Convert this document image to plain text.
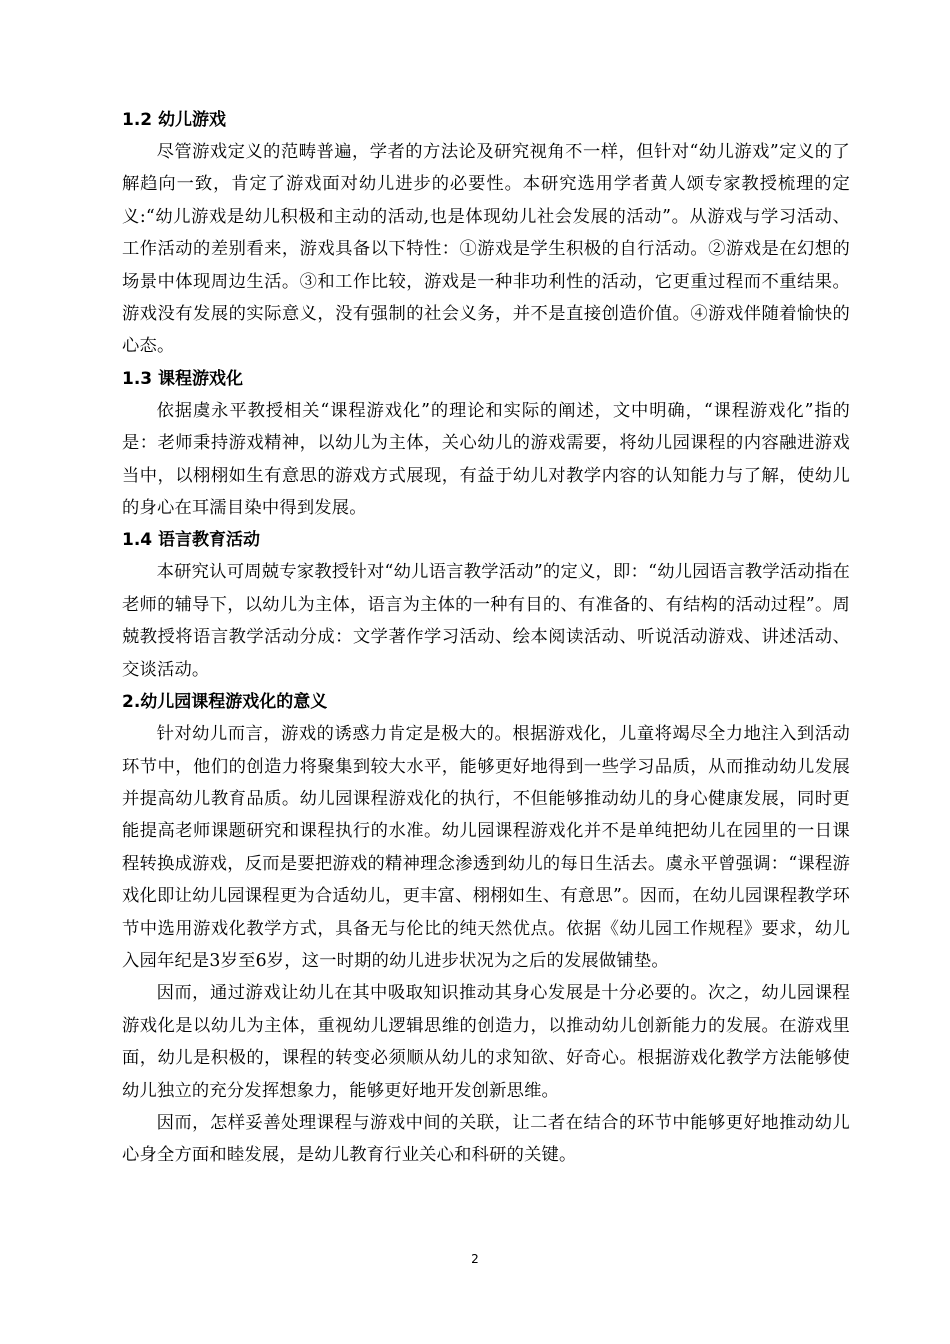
1.2 幼儿游戏

尽管游戏定义的范畴普遍，学者的方法论及研究视角不一样，但针对“幼儿游戏”定义的了解趋向一致，肯定了游戏面对幼儿进步的必要性。本研究选用学者黄人颂专家教授梳理的定义:“幼儿游戏是幼儿积极和主动的活动,也是体现幼儿社会发展的活动”。从游戏与学习活动、工作活动的差别看来，游戏具备以下特性：①游戏是学生积极的自行活动。②游戏是在幻想的场景中体现周边生活。③和工作比较，游戏是一种非功利性的活动，它更重过程而不重结果。游戏没有发展的实际意义，没有强制的社会义务，并不是直接创造价值。④游戏伴随着愉快的心态。

1.3 课程游戏化

依据虞永平教授相关“课程游戏化”的理论和实际的阐述，文中明确，“课程游戏化”指的是：老师秉持游戏精神，以幼儿为主体，关心幼儿的游戏需要，将幼儿园课程的内容融进游戏当中，以栩栩如生有意思的游戏方式展现，有益于幼儿对教学内容的认知能力与了解，使幼儿的身心在耳濡目染中得到发展。

1.4 语言教育活动

本研究认可周兢专家教授针对“幼儿语言教学活动”的定义，即：“幼儿园语言教学活动指在老师的辅导下，以幼儿为主体，语言为主体的一种有目的、有准备的、有结构的活动过程”。周兢教授将语言教学活动分成：文学著作学习活动、绘本阅读活动、听说活动游戏、讲述活动、交谈活动。

2.幼儿园课程游戏化的意义

针对幼儿而言，游戏的诱惑力肯定是极大的。根据游戏化，儿童将竭尽全力地注入到活动环节中，他们的创造力将聚集到较大水平，能够更好地得到一些学习品质，从而推动幼儿发展并提高幼儿教育品质。幼儿园课程游戏化的执行，不但能够推动幼儿的身心健康发展，同时更能提高老师课题研究和课程执行的水准。幼儿园课程游戏化并不是单纯把幼儿在园里的一日课程转换成游戏，反而是要把游戏的精神理念渗透到幼儿的每日生活去。虞永平曾强调：“课程游戏化即让幼儿园课程更为合适幼儿，更丰富、栩栩如生、有意思”。因而，在幼儿园课程教学环节中选用游戏化教学方式，具备无与伦比的纯天然优点。依据《幼儿园工作规程》要求，幼儿入园年纪是3岁至6岁，这一时期的幼儿进步状况为之后的发展做铺垫。

因而，通过游戏让幼儿在其中吸取知识推动其身心发展是十分必要的。次之，幼儿园课程游戏化是以幼儿为主体，重视幼儿逻辑思维的创造力，以推动幼儿创新能力的发展。在游戏里面，幼儿是积极的，课程的转变必须顺从幼儿的求知欲、好奇心。根据游戏化教学方法能够使幼儿独立的充分发挥想象力，能够更好地开发创新思维。

因而，怎样妥善处理课程与游戏中间的关联，让二者在结合的环节中能够更好地推动幼儿心身全方面和睦发展，是幼儿教育行业关心和科研的关键。

2
